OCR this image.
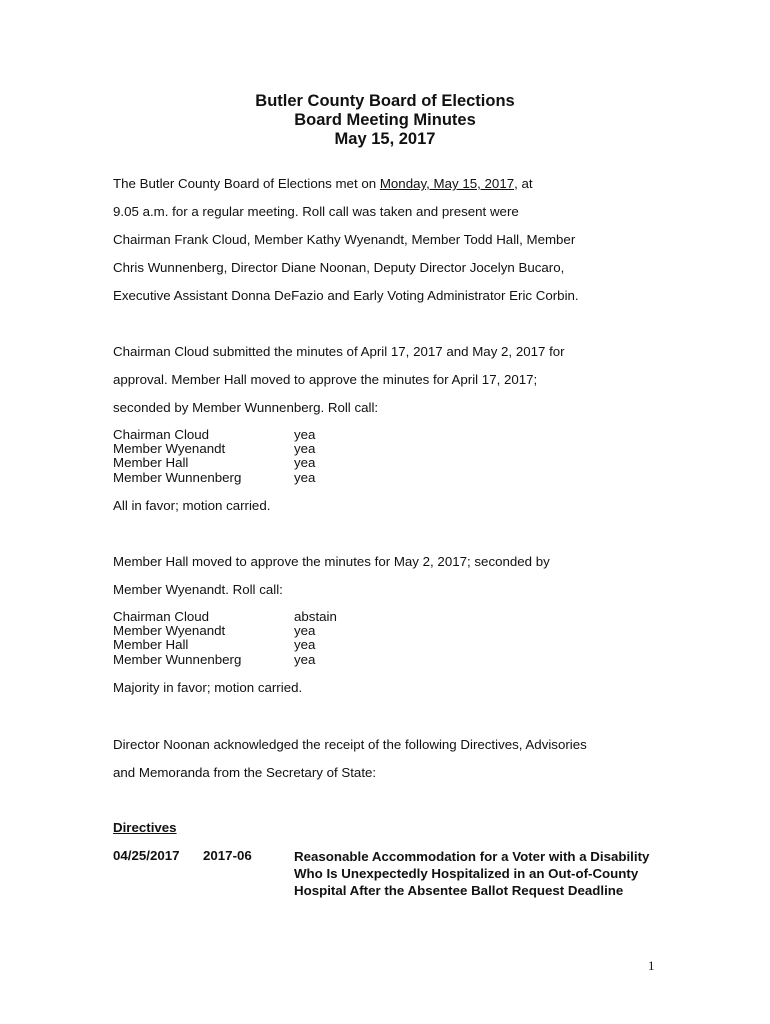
Butler County Board of Elections
Board Meeting Minutes
May 15, 2017
The Butler County Board of Elections met on Monday, May 15, 2017, at
9.05 a.m. for a regular meeting. Roll call was taken and present were
Chairman Frank Cloud, Member Kathy Wyenandt, Member Todd Hall, Member
Chris Wunnenberg, Director Diane Noonan, Deputy Director Jocelyn Bucaro,
Executive Assistant Donna DeFazio and Early Voting Administrator Eric Corbin.
Chairman Cloud submitted the minutes of April 17, 2017 and May 2, 2017 for
approval. Member Hall moved to approve the minutes for April 17, 2017;
seconded by Member Wunnenberg. Roll call:
Chairman Cloud	yea
Member Wyenandt	yea
Member Hall	yea
Member Wunnenberg	yea
All in favor; motion carried.
Member Hall moved to approve the minutes for May 2, 2017; seconded by
Member Wyenandt. Roll call:
Chairman Cloud	abstain
Member Wyenandt	yea
Member Hall	yea
Member Wunnenberg	yea
Majority in favor; motion carried.
Director Noonan acknowledged the receipt of the following Directives, Advisories
and Memoranda from the Secretary of State:
Directives
04/25/2017 2017-06	Reasonable Accommodation for a Voter with a Disability Who Is Unexpectedly Hospitalized in an Out-of-County Hospital After the Absentee Ballot Request Deadline
1
